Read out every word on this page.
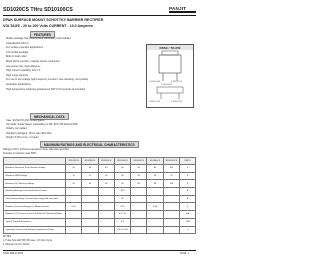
SD1020CS THru SD10100CS	PANJIT
DPAK SURFACE MOUNT SCHOTTKY BARRIER RECTIFIER
VOLTAGE - 20 to 100 Volts CURRENT - 10.0 Amperes
FEATURES
Plastic package has Underwriters Laboratory Flammability
Classification 94V-O
For surface mounted applications
Low profile package
Built-in strain relief
Metal silicon junction, majority carrier conduction
Low power loss, high efficiency
High current capability, low V F
High surge capacity
For use in low voltage,high frequency inverters, free wheeling, and polarity
protection applications
High temperature soldering guaranteed: 260°C/10 seconds at terminals
DPAK / TO-252
0.263(6.68)	0.241(6.12)
0.091(2.30)	0.035(0.90)
0.190(4.83)
MECHANICAL DATA
Case: D-PAK/TO-252 molded plastic
Terminals: Solder plated, solderable per MIL-STD-750,Method 2026
Polarity: As marked
Standard packaging: 16mm tape (EIA-481)
Weight: 0.016 ounce, 0.4 gram
MAXIMUM RATINGS AND ELECTRICAL CHARACTERISTICS
Ratings at 25°C ambient temperature unless otherwise specified.
Resistive or inductive load, 60Hz.
	SD1020CS	SD1030CS	SD1040CS	SD1050CS	SD1060CS	SD1080CS	SD10100CS	UNITS
Maximum Recurrent Peak Reverse Voltage	20	30	40	50	60	80	100	V
Maximum RMS Voltage	14	21	28	35	42	56	70	V
Maximum DC Blocking Voltage	20	30	40	50	60	80	100	V
Maximum Average Forward Rectified Current				10.0				A
Peak Forward Surge Current 8.3ms single half sine-wave				80				A
Maximum Forward Voltage at 5.0A per element	0.55			0.70		0.85		V
Maximum DC Reverse Current at Rated DC Blocking Voltage				0.5 / 50				mA
Typical Thermal Resistance				6.0				°C/W
Operating Junction and Storage Temperature Range				-55 to +150				°C
NOTES:
1. Pulse Test with PW=300 usec, 1% Duty Cycle
2. Mounted on P.C. Board
STAD-FEB.24.2005	PAGE . 1
